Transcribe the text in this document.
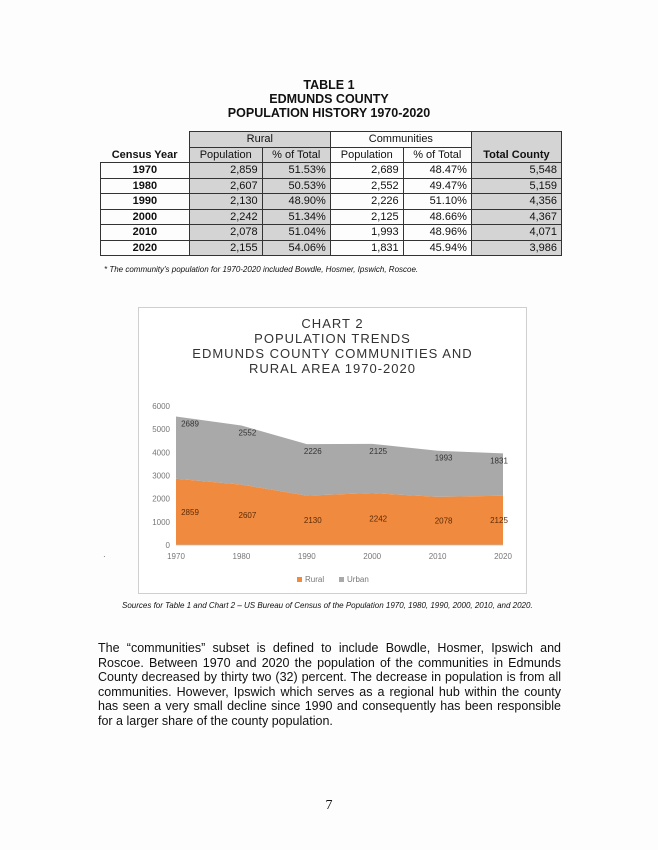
TABLE 1
EDMUNDS COUNTY
POPULATION HISTORY 1970-2020
	Rural		Communities		Total County
Census Year	Population	% of Total	Population	% of Total	
1970	2,859	51.53%	2,689	48.47%	5,548
1980	2,607	50.53%	2,552	49.47%	5,159
1990	2,130	48.90%	2,226	51.10%	4,356
2000	2,242	51.34%	2,125	48.66%	4,367
2010	2,078	51.04%	1,993	48.96%	4,071
2020	2,155	54.06%	1,831	45.94%	3,986
* The community's population for 1970-2020 included Bowdle, Hosmer, Ipswich, Roscoe.
CHART 2
POPULATION TRENDS
EDMUNDS COUNTY COMMUNITIES AND
RURAL AREA 1970-2020
0
1000
2000
3000
4000
5000
6000
1970	1980	1990	2000	2010	2020
2689
2552
2226	2125
1993	1831
2859	2607
2130	2242	2078	2125
Rural	Urban
·
Sources for Table 1 and Chart 2 – US Bureau of Census of the Population 1970, 1980, 1990, 2000, 2010, and 2020.
The “communities” subset is defined to include Bowdle, Hosmer, Ipswich and Roscoe. Between 1970 and 2020 the population of the communities in Edmunds County decreased by thirty two (32) percent. The decrease in population is from all communities. However, Ipswich which serves as a regional hub within the county has seen a very small decline since 1990 and consequently has been responsible for a larger share of the county population.
7
